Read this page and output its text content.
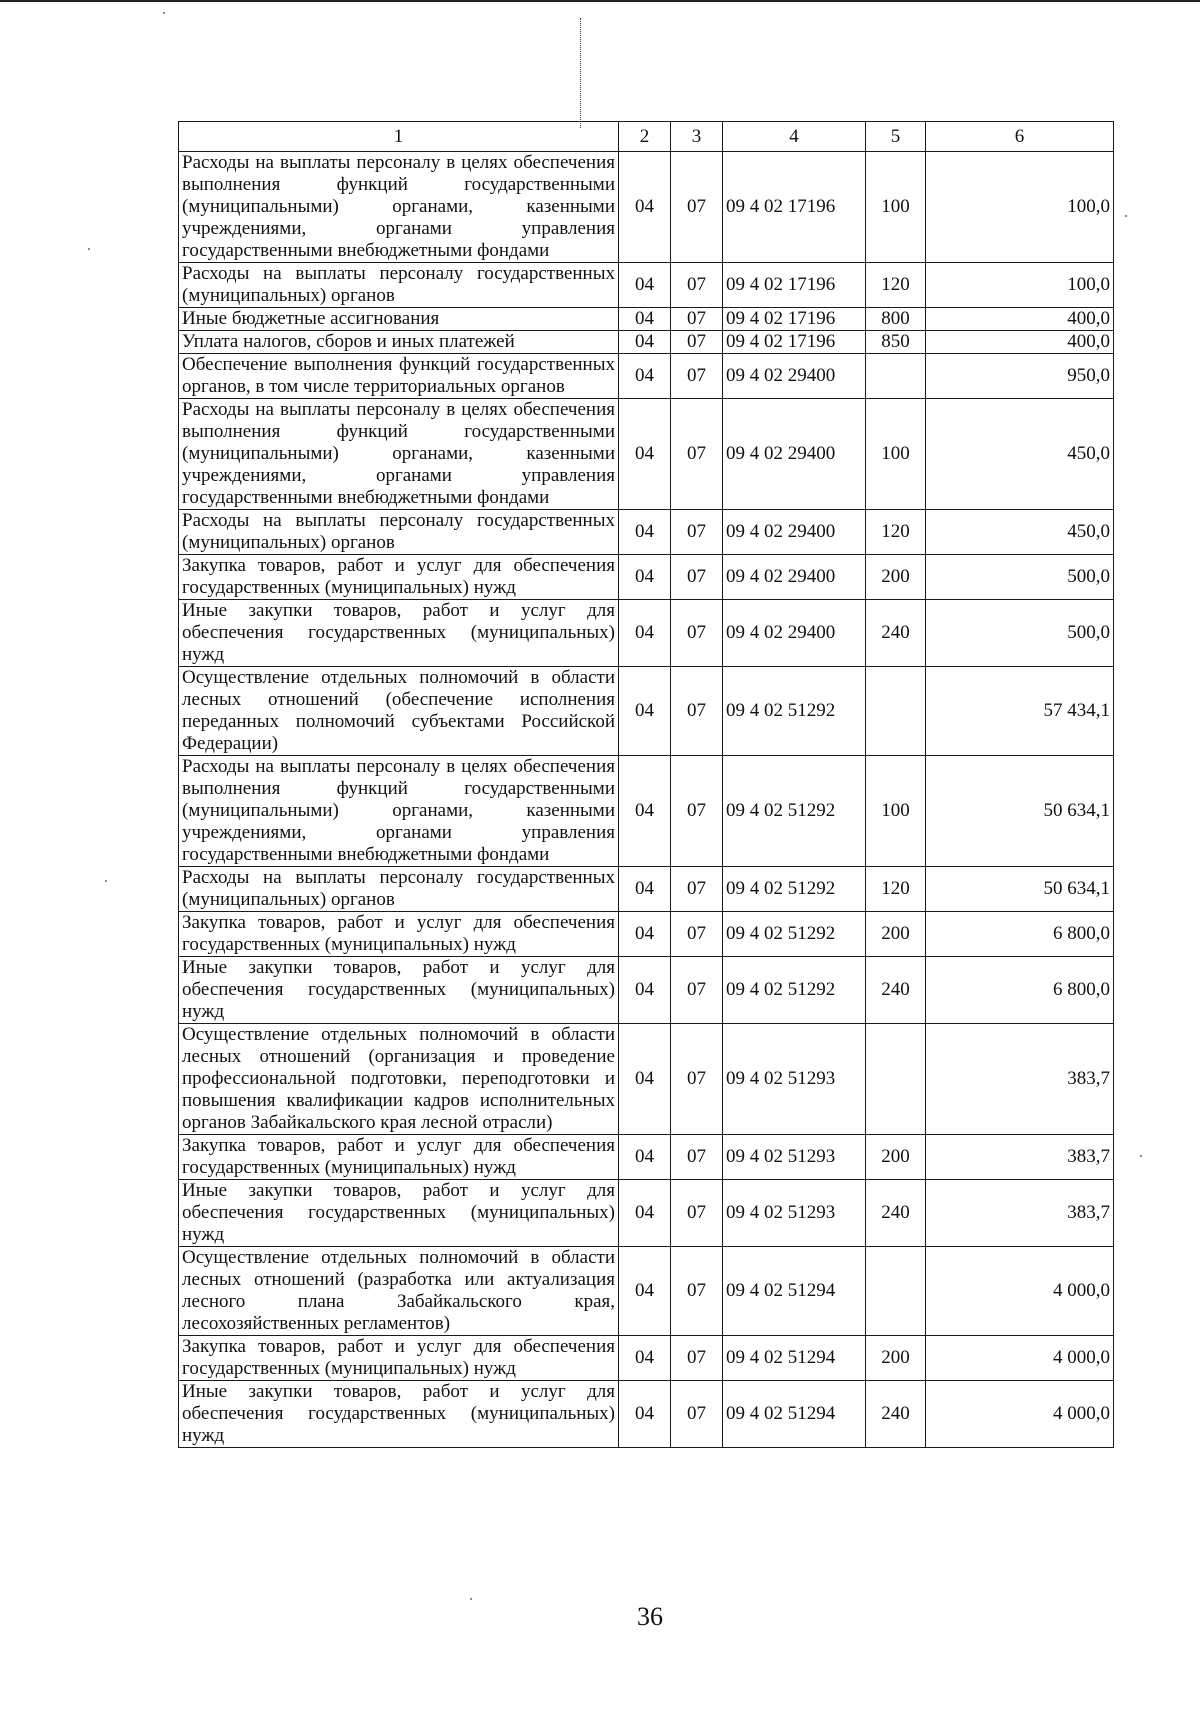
1	2	3	4	5	6
Расходы на выплаты персоналу в целях обеспечения выполнения функций государственными (муниципальными) органами, казенными учреждениями, органами управления государственными внебюджетными фондами	04	07	09 4 02 17196	100	100,0
Расходы на выплаты персоналу государственных (муниципальных) органов	04	07	09 4 02 17196	120	100,0
Иные бюджетные ассигнования	04	07	09 4 02 17196	800	400,0
Уплата налогов, сборов и иных платежей	04	07	09 4 02 17196	850	400,0
Обеспечение выполнения функций государственных органов, в том числе территориальных органов	04	07	09 4 02 29400		950,0
Расходы на выплаты персоналу в целях обеспечения выполнения функций государственными (муниципальными) органами, казенными учреждениями, органами управления государственными внебюджетными фондами	04	07	09 4 02 29400	100	450,0
Расходы на выплаты персоналу государственных (муниципальных) органов	04	07	09 4 02 29400	120	450,0
Закупка товаров, работ и услуг для обеспечения государственных (муниципальных) нужд	04	07	09 4 02 29400	200	500,0
Иные закупки товаров, работ и услуг для обеспечения государственных (муниципальных) нужд	04	07	09 4 02 29400	240	500,0
Осуществление отдельных полномочий в области лесных отношений (обеспечение исполнения переданных полномочий субъектами Российской Федерации)	04	07	09 4 02 51292		57 434,1
Расходы на выплаты персоналу в целях обеспечения выполнения функций государственными (муниципальными) органами, казенными учреждениями, органами управления государственными внебюджетными фондами	04	07	09 4 02 51292	100	50 634,1
Расходы на выплаты персоналу государственных (муниципальных) органов	04	07	09 4 02 51292	120	50 634,1
Закупка товаров, работ и услуг для обеспечения государственных (муниципальных) нужд	04	07	09 4 02 51292	200	6 800,0
Иные закупки товаров, работ и услуг для обеспечения государственных (муниципальных) нужд	04	07	09 4 02 51292	240	6 800,0
Осуществление отдельных полномочий в области лесных отношений (организация и проведение профессиональной подготовки, переподготовки и повышения квалификации кадров исполнительных органов Забайкальского края лесной отрасли)	04	07	09 4 02 51293		383,7
Закупка товаров, работ и услуг для обеспечения государственных (муниципальных) нужд	04	07	09 4 02 51293	200	383,7
Иные закупки товаров, работ и услуг для обеспечения государственных (муниципальных) нужд	04	07	09 4 02 51293	240	383,7
Осуществление отдельных полномочий в области лесных отношений (разработка или актуализация лесного плана Забайкальского края, лесохозяйственных регламентов)	04	07	09 4 02 51294		4 000,0
Закупка товаров, работ и услуг для обеспечения государственных (муниципальных) нужд	04	07	09 4 02 51294	200	4 000,0
Иные закупки товаров, работ и услуг для обеспечения государственных (муниципальных) нужд	04	07	09 4 02 51294	240	4 000,0
36
